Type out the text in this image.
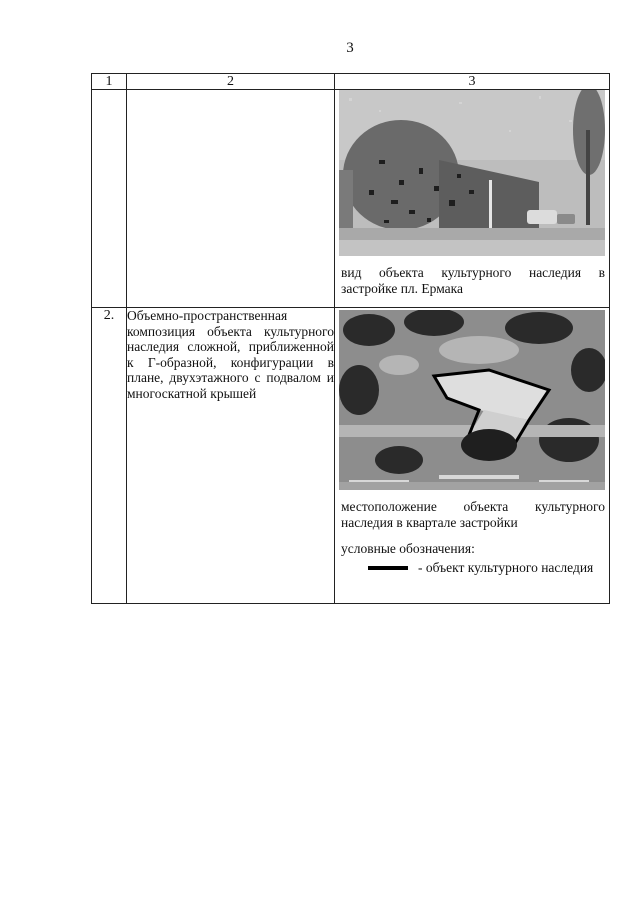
3
1	2	3

		вид объекта культурного наследия в застройке пл. Ермака

2.	Объемно-пространственная композиция объекта культурного наследия сложной, приближенной к Г-образной, конфигурации в плане, двухэтажного с подвалом и многоскатной крышей	местоположение объекта культурного наследия в квартале застройки
условные обозначения:
- объект культурного наследия
